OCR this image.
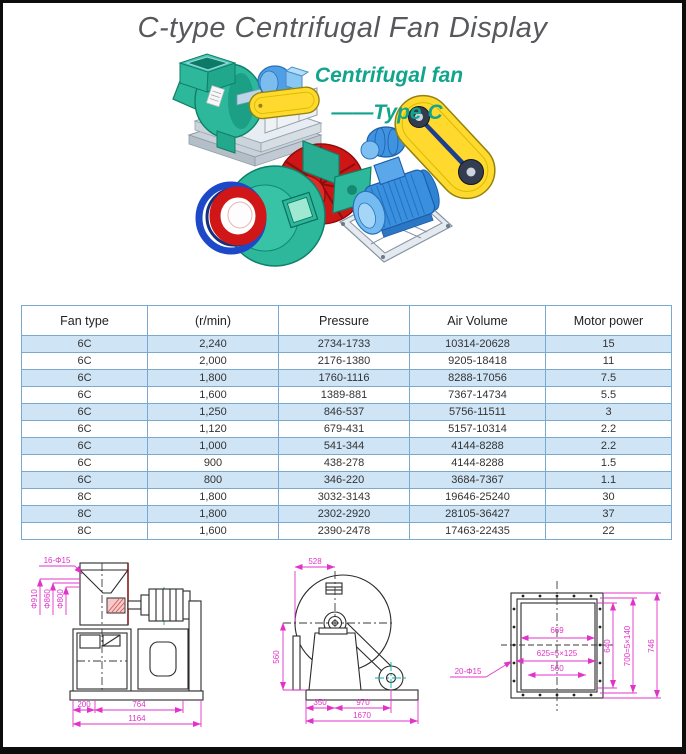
C-type Centrifugal Fan Display
Centrifugal fan
——Type C
Fan type	(r/min)	Pressure	Air Volume	Motor power
6C	2,240	2734-1733	10314-20628	15
6C	2,000	2176-1380	9205-18418	11
6C	1,800	1760-1116	8288-17056	7.5
6C	1,600	1389-881	7367-14734	5.5
6C	1,250	846-537	5756-11511	3
6C	1,120	679-431	5157-10314	2.2
6C	1,000	541-344	4144-8288	2.2
6C	900	438-278	4144-8288	1.5
6C	800	346-220	3684-7367	1.1
8C	1,800	3032-3143	19646-25240	30
8C	1,800	2302-2920	28105-36427	37
8C	1,600	2390-2478	17463-22435	22
16-Φ15
Φ910 Φ860 Φ800
200	764
1164
528
560
350	970
1670
669
625=5×125
560
640 700=5×140 746
20-Φ15
